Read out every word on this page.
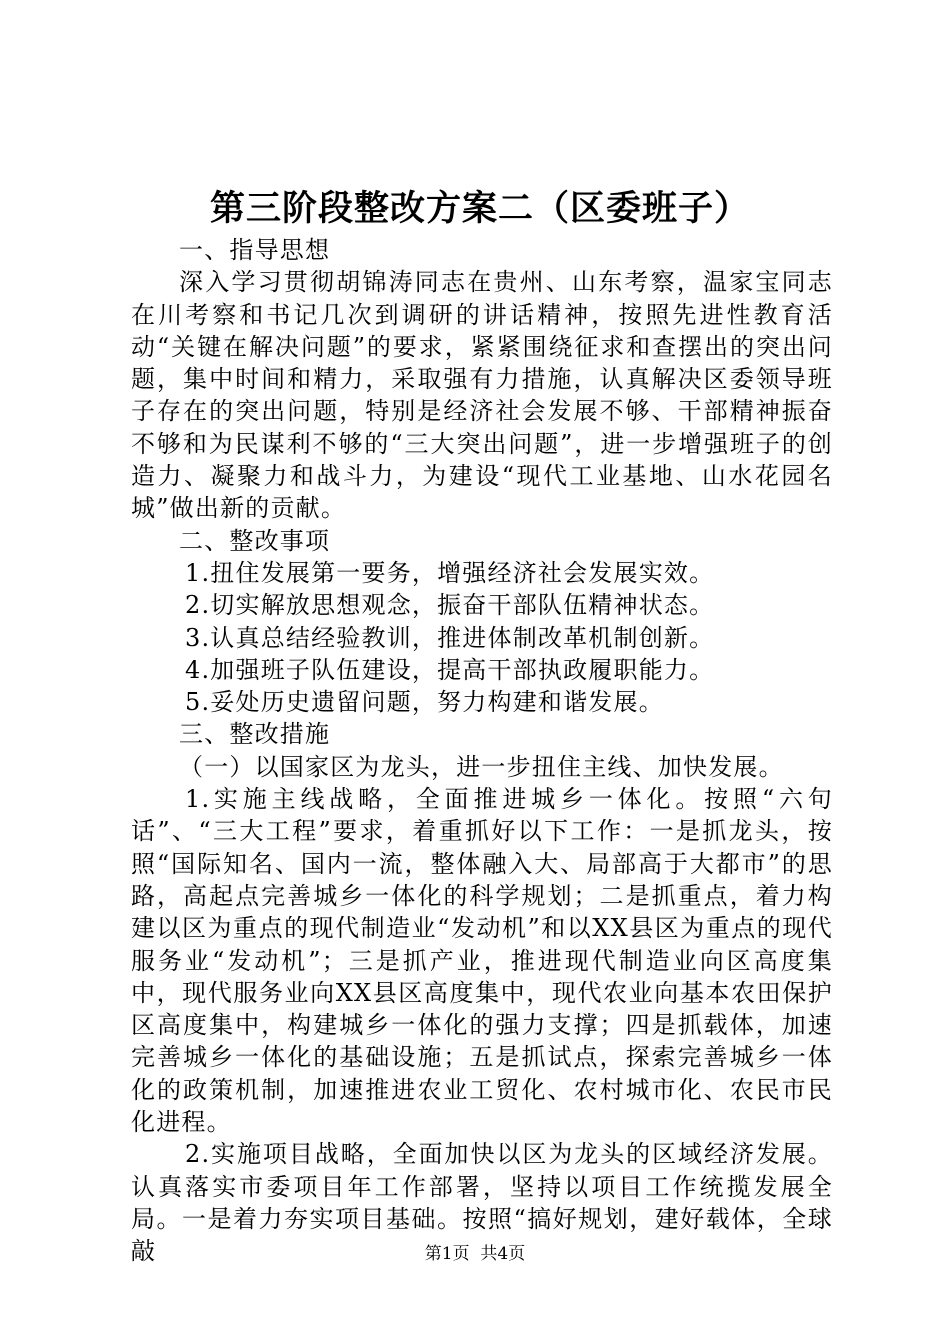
第三阶段整改方案二（区委班子）

一、指导思想

深入学习贯彻胡锦涛同志在贵州、山东考察，温家宝同志在川考察和书记几次到调研的讲话精神，按照先进性教育活动“关键在解决问题”的要求，紧紧围绕征求和查摆出的突出问题，集中时间和精力，采取强有力措施，认真解决区委领导班子存在的突出问题，特别是经济社会发展不够、干部精神振奋不够和为民谋利不够的“三大突出问题”，进一步增强班子的创造力、凝聚力和战斗力，为建设“现代工业基地、山水花园名城”做出新的贡献。

二、整改事项

1.扭住发展第一要务，增强经济社会发展实效。

2.切实解放思想观念，振奋干部队伍精神状态。

3.认真总结经验教训，推进体制改革机制创新。

4.加强班子队伍建设，提高干部执政履职能力。

5.妥处历史遗留问题，努力构建和谐发展。

三、整改措施

（一）以国家区为龙头，进一步扭住主线、加快发展。

1.实施主线战略，全面推进城乡一体化。按照“六句话”、“三大工程”要求，着重抓好以下工作：一是抓龙头，按照“国际知名、国内一流，整体融入大、局部高于大都市”的思路，高起点完善城乡一体化的科学规划；二是抓重点，着力构建以区为重点的现代制造业“发动机”和以XX县区为重点的现代服务业“发动机”；三是抓产业，推进现代制造业向区高度集中，现代服务业向XX县区高度集中，现代农业向基本农田保护区高度集中，构建城乡一体化的强力支撑；四是抓载体，加速完善城乡一体化的基础设施；五是抓试点，探索完善城乡一体化的政策机制，加速推进农业工贸化、农村城市化、农民市民化进程。

2.实施项目战略，全面加快以区为龙头的区域经济发展。认真落实市委项目年工作部署，坚持以项目工作统揽发展全局。一是着力夯实项目基础。按照“搞好规划，建好载体，全球敲	第1页 共4页
